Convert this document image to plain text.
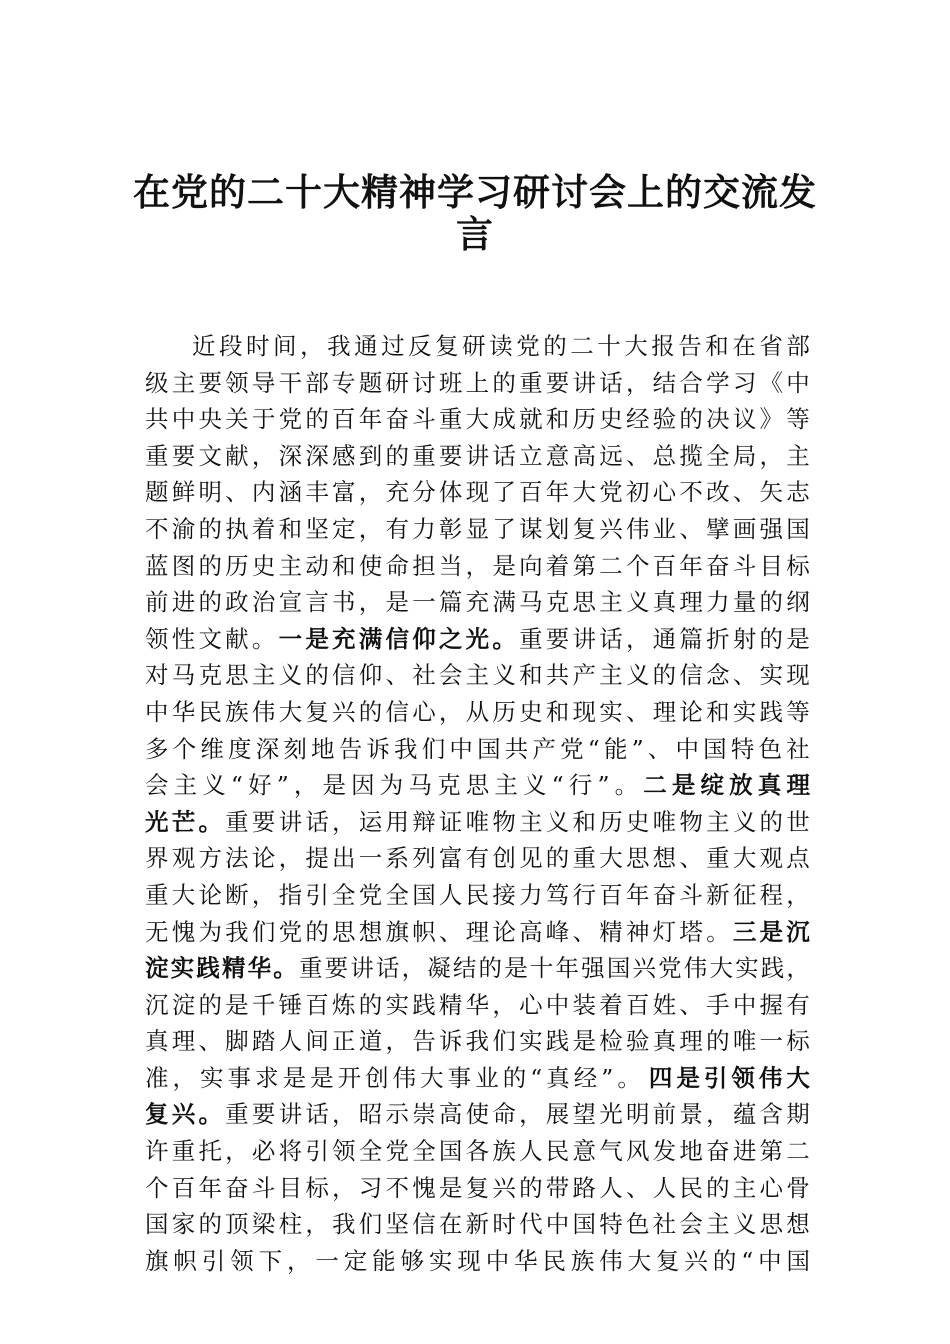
在党的二十大精神学习研讨会上的交流发
言
近 段 时 间 ， 我 通 过 反 复 研 读 党 的 二 十 大 报 告 和 在 省 部
级 主 要 领 导 干 部 专 题 研 讨 班 上 的 重 要 讲 话 ， 结 合 学 习 《 中
共 中 央 关 于 党 的 百 年 奋 斗 重 大 成 就 和 历 史 经 验 的 决 议 》 等
重 要 文 献 ， 深 深 感 到 的 重 要 讲 话 立 意 高 远 、 总 揽 全 局 ， 主
题 鲜 明 、 内 涵 丰 富 ， 充 分 体 现 了 百 年 大 党 初 心 不 改 、 矢 志
不 渝 的 执 着 和 坚 定 ， 有 力 彰 显 了 谋 划 复 兴 伟 业 、 擘 画 强 国
蓝 图 的 历 史 主 动 和 使 命 担 当 ， 是 向 着 第 二 个 百 年 奋 斗 目 标
前 进 的 政 治 宣 言 书 ， 是 一 篇 充 满 马 克 思 主 义 真 理 力 量 的 纲
领 性 文 献 。 一 是 充 满 信 仰 之 光 。 重 要 讲 话 ， 通 篇 折 射 的 是
对 马 克 思 主 义 的 信 仰 、 社 会 主 义 和 共 产 主 义 的 信 念 、 实 现
中 华 民 族 伟 大 复 兴 的 信 心 ， 从 历 史 和 现 实 、 理 论 和 实 践 等
多 个 维 度 深 刻 地 告 诉 我 们 中 国 共 产 党 “ 能 ” 、 中 国 特 色 社
会 主 义 “ 好 ” ， 是 因 为 马 克 思 主 义 “ 行 ” 。 二 是 绽 放 真 理
光 芒 。 重 要 讲 话 ， 运 用 辩 证 唯 物 主 义 和 历 史 唯 物 主 义 的 世
界 观 方 法 论 ， 提 出 一 系 列 富 有 创 见 的 重 大 思 想 、 重 大 观 点
重 大 论 断 ， 指 引 全 党 全 国 人 民 接 力 笃 行 百 年 奋 斗 新 征 程 ，
无 愧 为 我 们 党 的 思 想 旗 帜 、 理 论 高 峰 、 精 神 灯 塔 。 三 是 沉
淀 实 践 精 华 。 重 要 讲 话 ， 凝 结 的 是 十 年 强 国 兴 党 伟 大 实 践 ，
沉 淀 的 是 千 锤 百 炼 的 实 践 精 华 ， 心 中 装 着 百 姓 、 手 中 握 有
真 理 、 脚 踏 人 间 正 道 ， 告 诉 我 们 实 践 是 检 验 真 理 的 唯 一 标
准 ， 实 事 求 是 是 开 创 伟 大 事 业 的 “ 真 经 ” 。 四 是 引 领 伟 大
复 兴 。 重 要 讲 话 ， 昭 示 崇 高 使 命 ， 展 望 光 明 前 景 ， 蕴 含 期
许 重 托 ， 必 将 引 领 全 党 全 国 各 族 人 民 意 气 风 发 地 奋 进 第 二
个 百 年 奋 斗 目 标 ， 习 不 愧 是 复 兴 的 带 路 人 、 人 民 的 主 心 骨
国 家 的 顶 梁 柱 ， 我 们 坚 信 在 新 时 代 中 国 特 色 社 会 主 义 思 想
旗 帜 引 领 下 ， 一 定 能 够 实 现 中 华 民 族 伟 大 复 兴 的 “ 中 国
